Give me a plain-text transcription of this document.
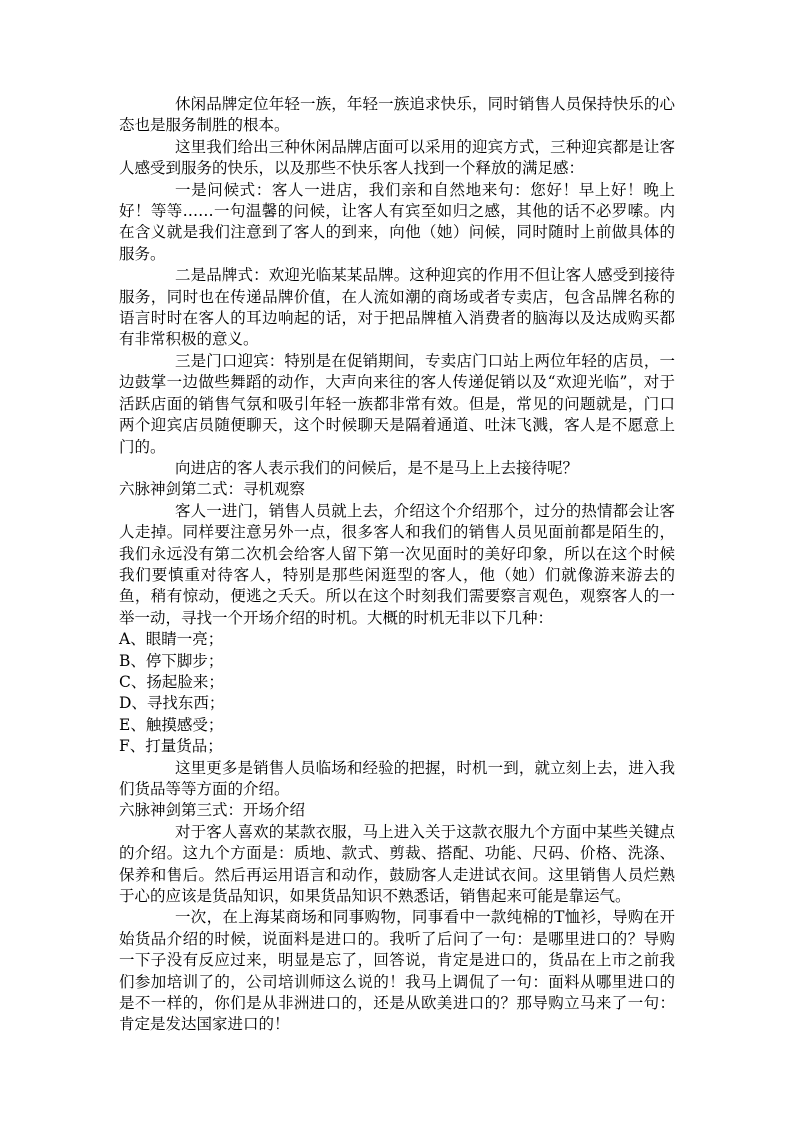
休闲品牌定位年轻一族，年轻一族追求快乐，同时销售人员保持快乐的心态也是服务制胜的根本。

这里我们给出三种休闲品牌店面可以采用的迎宾方式，三种迎宾都是让客人感受到服务的快乐，以及那些不快乐客人找到一个释放的满足感：

一是问候式：客人一进店，我们亲和自然地来句：您好！早上好！晚上好！等等……一句温馨的问候，让客人有宾至如归之感，其他的话不必罗嗦。内在含义就是我们注意到了客人的到来，向他（她）问候，同时随时上前做具体的服务。

二是品牌式：欢迎光临某某品牌。这种迎宾的作用不但让客人感受到接待服务，同时也在传递品牌价值，在人流如潮的商场或者专卖店，包含品牌名称的语言时时在客人的耳边响起的话，对于把品牌植入消费者的脑海以及达成购买都有非常积极的意义。

三是门口迎宾：特别是在促销期间，专卖店门口站上两位年轻的店员，一边鼓掌一边做些舞蹈的动作，大声向来往的客人传递促销以及“欢迎光临”，对于活跃店面的销售气氛和吸引年轻一族都非常有效。但是，常见的问题就是，门口两个迎宾店员随便聊天，这个时候聊天是隔着通道、吐沫飞溅，客人是不愿意上门的。

向进店的客人表示我们的问候后，是不是马上上去接待呢？

六脉神剑第二式：寻机观察

客人一进门，销售人员就上去，介绍这个介绍那个，过分的热情都会让客人走掉。同样要注意另外一点，很多客人和我们的销售人员见面前都是陌生的，我们永远没有第二次机会给客人留下第一次见面时的美好印象，所以在这个时候我们要慎重对待客人，特别是那些闲逛型的客人，他（她）们就像游来游去的鱼，稍有惊动，便逃之夭夭。所以在这个时刻我们需要察言观色，观察客人的一举一动，寻找一个开场介绍的时机。大概的时机无非以下几种：

A、眼睛一亮；

B、停下脚步；

C、扬起脸来；

D、寻找东西；

E、触摸感受；

F、打量货品；

这里更多是销售人员临场和经验的把握，时机一到，就立刻上去，进入我们货品等等方面的介绍。

六脉神剑第三式：开场介绍

对于客人喜欢的某款衣服，马上进入关于这款衣服九个方面中某些关键点的介绍。这九个方面是：质地、款式、剪裁、搭配、功能、尺码、价格、洗涤、保养和售后。然后再运用语言和动作，鼓励客人走进试衣间。这里销售人员烂熟于心的应该是货品知识，如果货品知识不熟悉话，销售起来可能是靠运气。

一次，在上海某商场和同事购物，同事看中一款纯棉的T恤衫，导购在开始货品介绍的时候，说面料是进口的。我听了后问了一句：是哪里进口的？导购一下子没有反应过来，明显是忘了，回答说，肯定是进口的，货品在上市之前我们参加培训了的，公司培训师这么说的！我马上调侃了一句：面料从哪里进口的是不一样的，你们是从非洲进口的，还是从欧美进口的？那导购立马来了一句：肯定是发达国家进口的！
